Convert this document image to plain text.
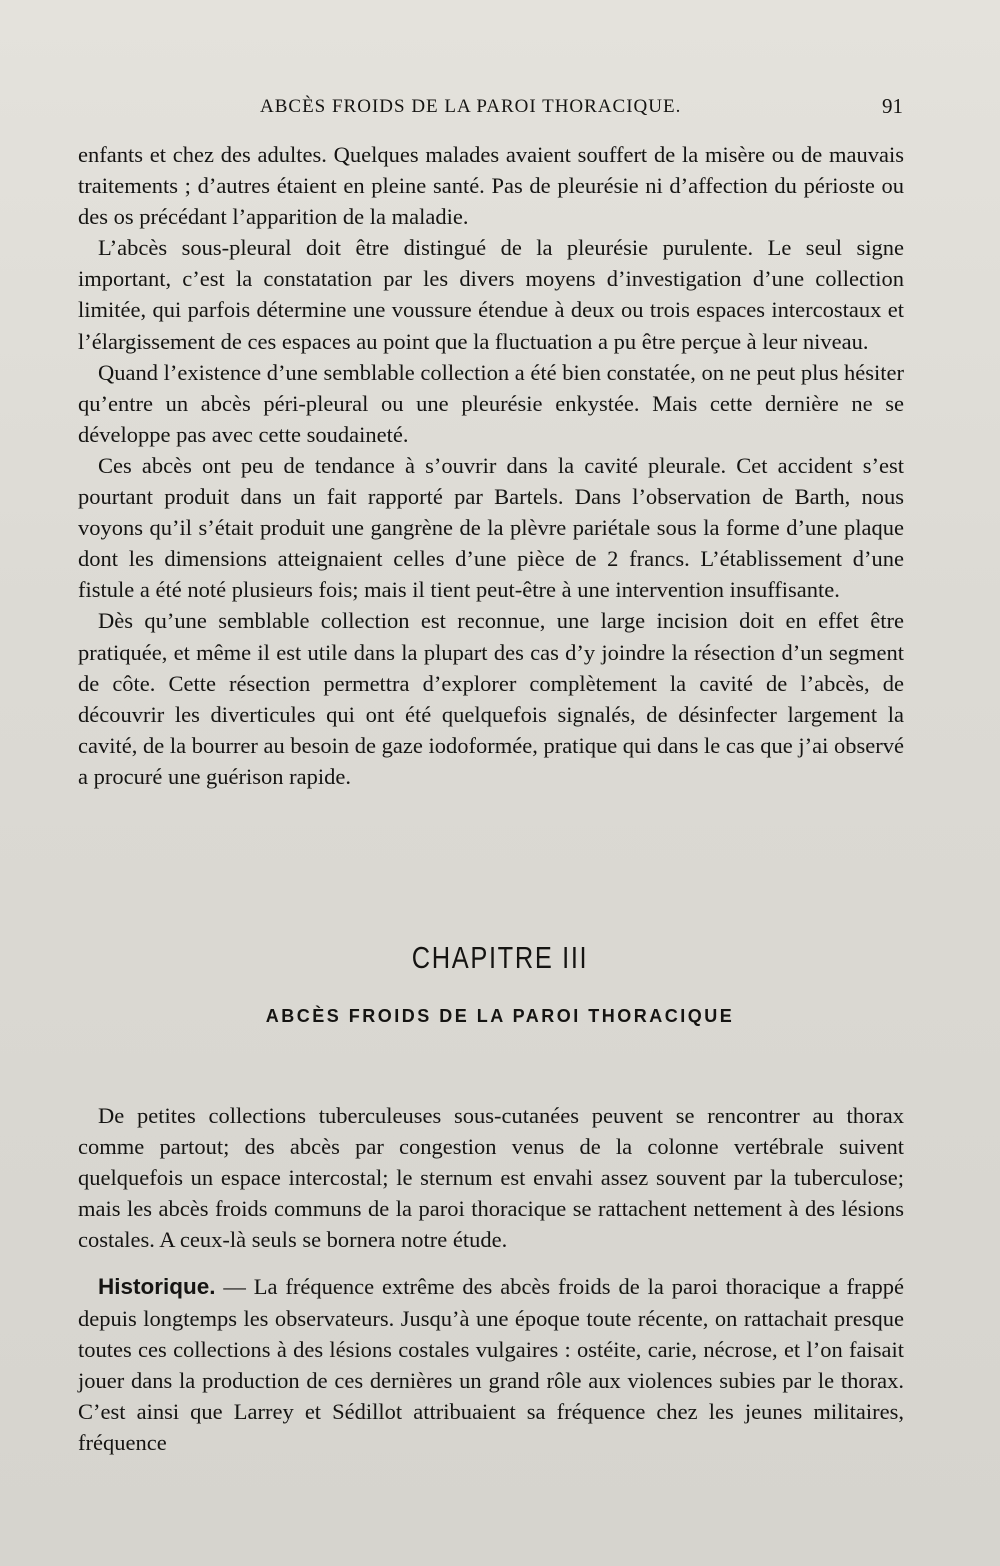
ABCÈS FROIDS DE LA PAROI THORACIQUE.	91

enfants et chez des adultes. Quelques malades avaient souffert de la misère ou de mauvais traitements ; d’autres étaient en pleine santé. Pas de pleurésie ni d’affection du périoste ou des os précédant l’apparition de la maladie.

L’abcès sous-pleural doit être distingué de la pleurésie purulente. Le seul signe important, c’est la constatation par les divers moyens d’investigation d’une collection limitée, qui parfois détermine une voussure étendue à deux ou trois espaces intercostaux et l’élargissement de ces espaces au point que la fluctuation a pu être perçue à leur niveau.

Quand l’existence d’une semblable collection a été bien constatée, on ne peut plus hésiter qu’entre un abcès péri-pleural ou une pleurésie enkystée. Mais cette dernière ne se développe pas avec cette soudaineté.

Ces abcès ont peu de tendance à s’ouvrir dans la cavité pleurale. Cet accident s’est pourtant produit dans un fait rapporté par Bartels. Dans l’observation de Barth, nous voyons qu’il s’était produit une gangrène de la plèvre pariétale sous la forme d’une plaque dont les dimensions atteignaient celles d’une pièce de 2 francs. L’établissement d’une fistule a été noté plusieurs fois; mais il tient peut-être à une intervention insuffisante.

Dès qu’une semblable collection est reconnue, une large incision doit en effet être pratiquée, et même il est utile dans la plupart des cas d’y joindre la résection d’un segment de côte. Cette résection permettra d’explorer complètement la cavité de l’abcès, de découvrir les diverticules qui ont été quelquefois signalés, de désinfecter largement la cavité, de la bourrer au besoin de gaze iodoformée, pratique qui dans le cas que j’ai observé a procuré une guérison rapide.

CHAPITRE III
ABCÈS FROIDS DE LA PAROI THORACIQUE

De petites collections tuberculeuses sous-cutanées peuvent se rencontrer au thorax comme partout; des abcès par congestion venus de la colonne vertébrale suivent quelquefois un espace intercostal; le sternum est envahi assez souvent par la tuberculose; mais les abcès froids communs de la paroi thoracique se rattachent nettement à des lésions costales. A ceux-là seuls se bornera notre étude.

Historique. — La fréquence extrême des abcès froids de la paroi thoracique a frappé depuis longtemps les observateurs. Jusqu’à une époque toute récente, on rattachait presque toutes ces collections à des lésions costales vulgaires : ostéite, carie, nécrose, et l’on faisait jouer dans la production de ces dernières un grand rôle aux violences subies par le thorax. C’est ainsi que Larrey et Sédillot attribuaient sa fréquence chez les jeunes militaires, fréquence
